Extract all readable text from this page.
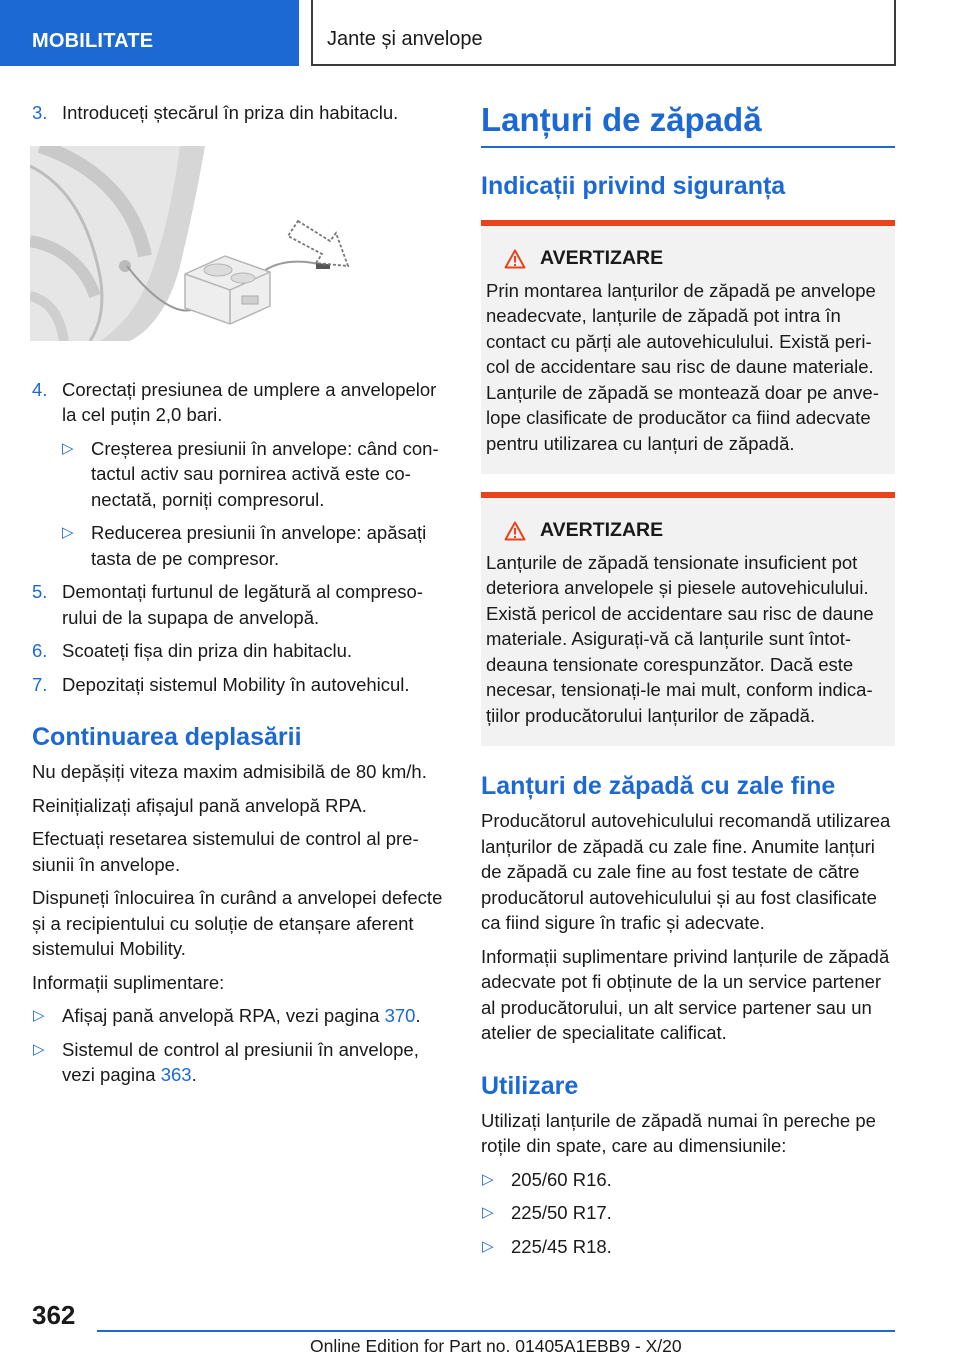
MOBILITATE	Jante și anvelope
3. Introduceți ștecărul în priza din habitaclu.
4. Corectați presiunea de umplere a anvelopelor la cel puțin 2,0 bari.
▷ Creșterea presiunii în anvelope: când contactul activ sau pornirea activă este conectată, porniți compresorul.
▷ Reducerea presiunii în anvelope: apăsați tasta de pe compresor.
5. Demontați furtunul de legătură al compresorului de la supapa de anvelopă.
6. Scoateți fișa din priza din habitaclu.
7. Depozitați sistemul Mobility în autovehicul.
Continuarea deplasării

Nu depășiți viteza maxim admisibilă de 80 km/h.

Reinițializați afișajul pană anvelopă RPA.

Efectuați resetarea sistemului de control al presiunii în anvelope.

Dispuneți înlocuirea în curând a anvelopei defecte și a recipientului cu soluție de etanșare aferent sistemului Mobility.

Informații suplimentare:

▷ Afișaj pană anvelopă RPA, vezi pagina 370.
▷ Sistemul de control al presiunii în anvelope, vezi pagina 363.
Lanțuri de zăpadă
Indicații privind siguranța
AVERTIZARE
Prin montarea lanțurilor de zăpadă pe anvelope neadecvate, lanțurile de zăpadă pot intra în contact cu părți ale autovehiculului. Există pericol de accidentare sau risc de daune materiale. Lanțurile de zăpadă se montează doar pe anvelope clasificate de producător ca fiind adecvate pentru utilizarea cu lanțuri de zăpadă.
AVERTIZARE
Lanțurile de zăpadă tensionate insuficient pot deteriora anvelopele și piesele autovehiculului. Există pericol de accidentare sau risc de daune materiale. Asigurați-vă că lanțurile sunt întotdeauna tensionate corespunzător. Dacă este necesar, tensionați-le mai mult, conform indicațiilor producătorului lanțurilor de zăpadă.
Lanțuri de zăpadă cu zale fine

Producătorul autovehiculului recomandă utilizarea lanțurilor de zăpadă cu zale fine. Anumite lanțuri de zăpadă cu zale fine au fost testate de către producătorul autovehiculului și au fost clasificate ca fiind sigure în trafic și adecvate.

Informații suplimentare privind lanțurile de zăpadă adecvate pot fi obținute de la un service partener al producătorului, un alt service partener sau un atelier de specialitate calificat.

Utilizare

Utilizați lanțurile de zăpadă numai în pereche pe roțile din spate, care au dimensiunile:

▷ 205/60 R16.
▷ 225/50 R17.
▷ 225/45 R18.
362
Online Edition for Part no. 01405A1EBB9 - X/20
